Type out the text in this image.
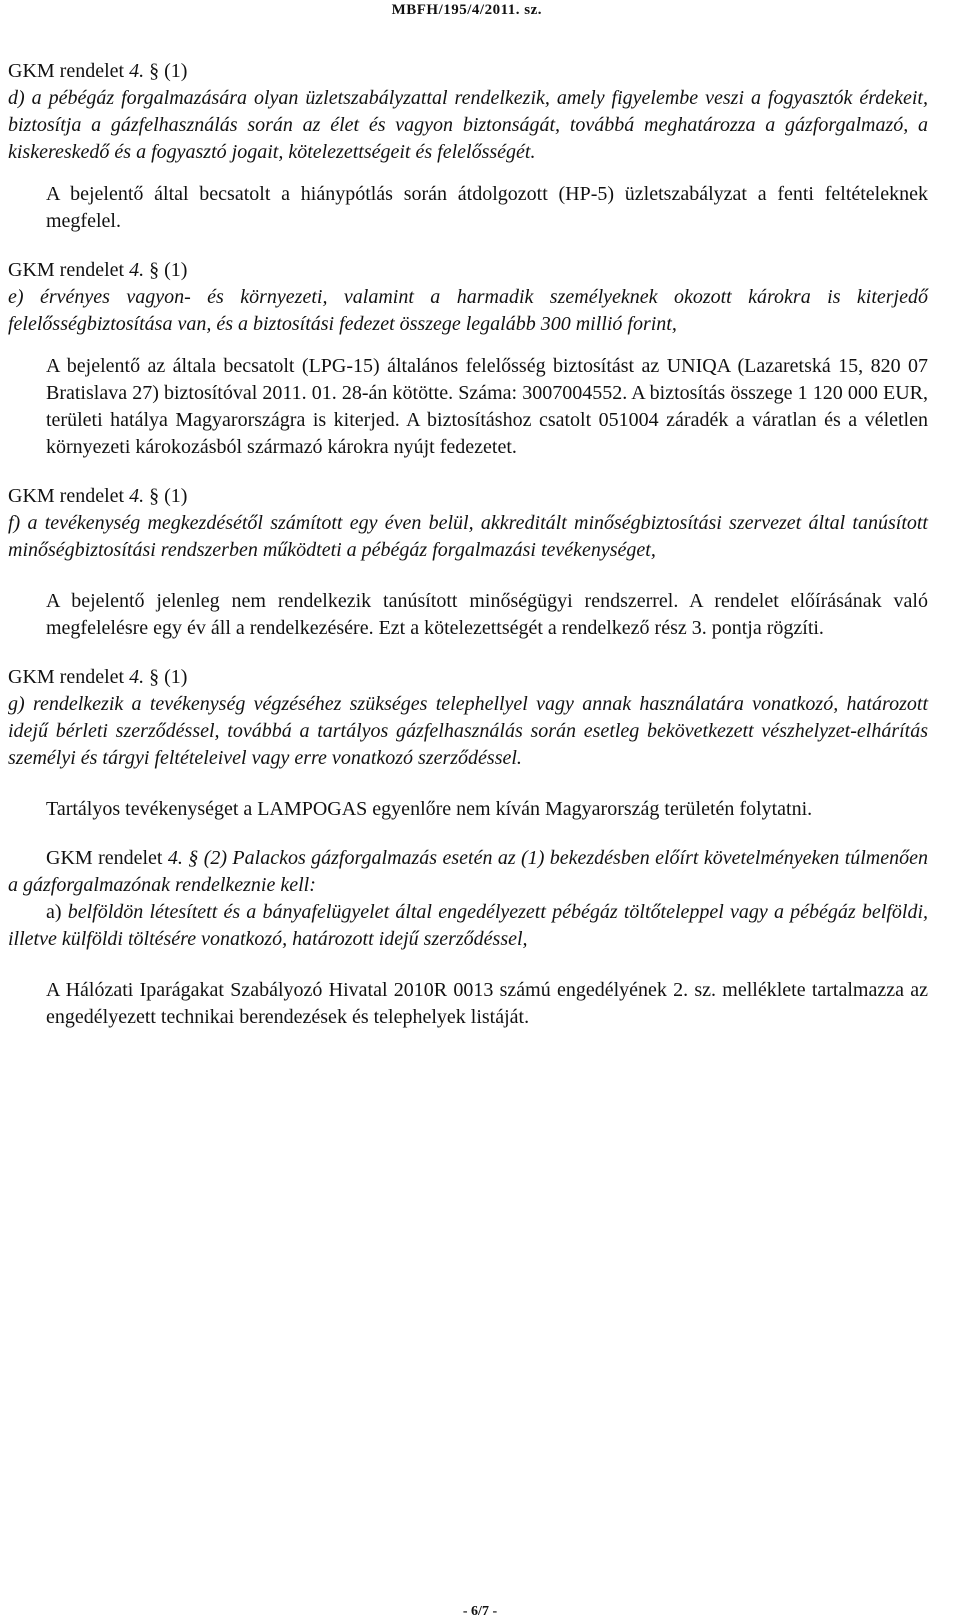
MBFH/195/4/2011. sz.

GKM rendelet 4. § (1)

d) a pébégáz forgalmazására olyan üzletszabályzattal rendelkezik, amely figyelembe veszi a fogyasztók érdekeit, biztosítja a gázfelhasználás során az élet és vagyon biztonságát, továbbá meghatározza a gázforgalmazó, a kiskereskedő és a fogyasztó jogait, kötelezettségeit és felelősségét.

A bejelentő által becsatolt a hiánypótlás során átdolgozott (HP-5) üzletszabályzat a fenti feltételeknek megfelel.

GKM rendelet 4. § (1)

e) érvényes vagyon- és környezeti, valamint a harmadik személyeknek okozott károkra is kiterjedő felelősségbiztosítása van, és a biztosítási fedezet összege legalább 300 millió forint,

A bejelentő az általa becsatolt (LPG-15) általános felelősség biztosítást az UNIQA (Lazaretská 15, 820 07 Bratislava 27) biztosítóval 2011. 01. 28-án kötötte. Száma: 3007004552. A biztosítás összege 1 120 000 EUR, területi hatálya Magyarországra is kiterjed. A biztosításhoz csatolt 051004 záradék a váratlan és a véletlen környezeti károkozásból származó károkra nyújt fedezetet.

GKM rendelet 4. § (1)

f) a tevékenység megkezdésétől számított egy éven belül, akkreditált minőségbiztosítási szervezet által tanúsított minőségbiztosítási rendszerben működteti a pébégáz forgalmazási tevékenységet,

A bejelentő jelenleg nem rendelkezik tanúsított minőségügyi rendszerrel. A rendelet előírásának való megfelelésre egy év áll a rendelkezésére. Ezt a kötelezettségét a rendelkező rész 3. pontja rögzíti.

GKM rendelet 4. § (1)

g) rendelkezik a tevékenység végzéséhez szükséges telephellyel vagy annak használatára vonatkozó, határozott idejű bérleti szerződéssel, továbbá a tartályos gázfelhasználás során esetleg bekövetkezett vészhelyzet-elhárítás személyi és tárgyi feltételeivel vagy erre vonatkozó szerződéssel.

Tartályos tevékenységet a LAMPOGAS egyenlőre nem kíván Magyarország területén folytatni.

GKM rendelet 4. § (2) Palackos gázforgalmazás esetén az (1) bekezdésben előírt követelményeken túlmenően a gázforgalmazónak rendelkeznie kell:

a) belföldön létesített és a bányafelügyelet által engedélyezett pébégáz töltőteleppel vagy a pébégáz belföldi, illetve külföldi töltésére vonatkozó, határozott idejű szerződéssel,

A Hálózati Iparágakat Szabályozó Hivatal 2010R 0013 számú engedélyének 2. sz. melléklete tartalmazza az engedélyezett technikai berendezések és telephelyek listáját.

- 6/7 -
